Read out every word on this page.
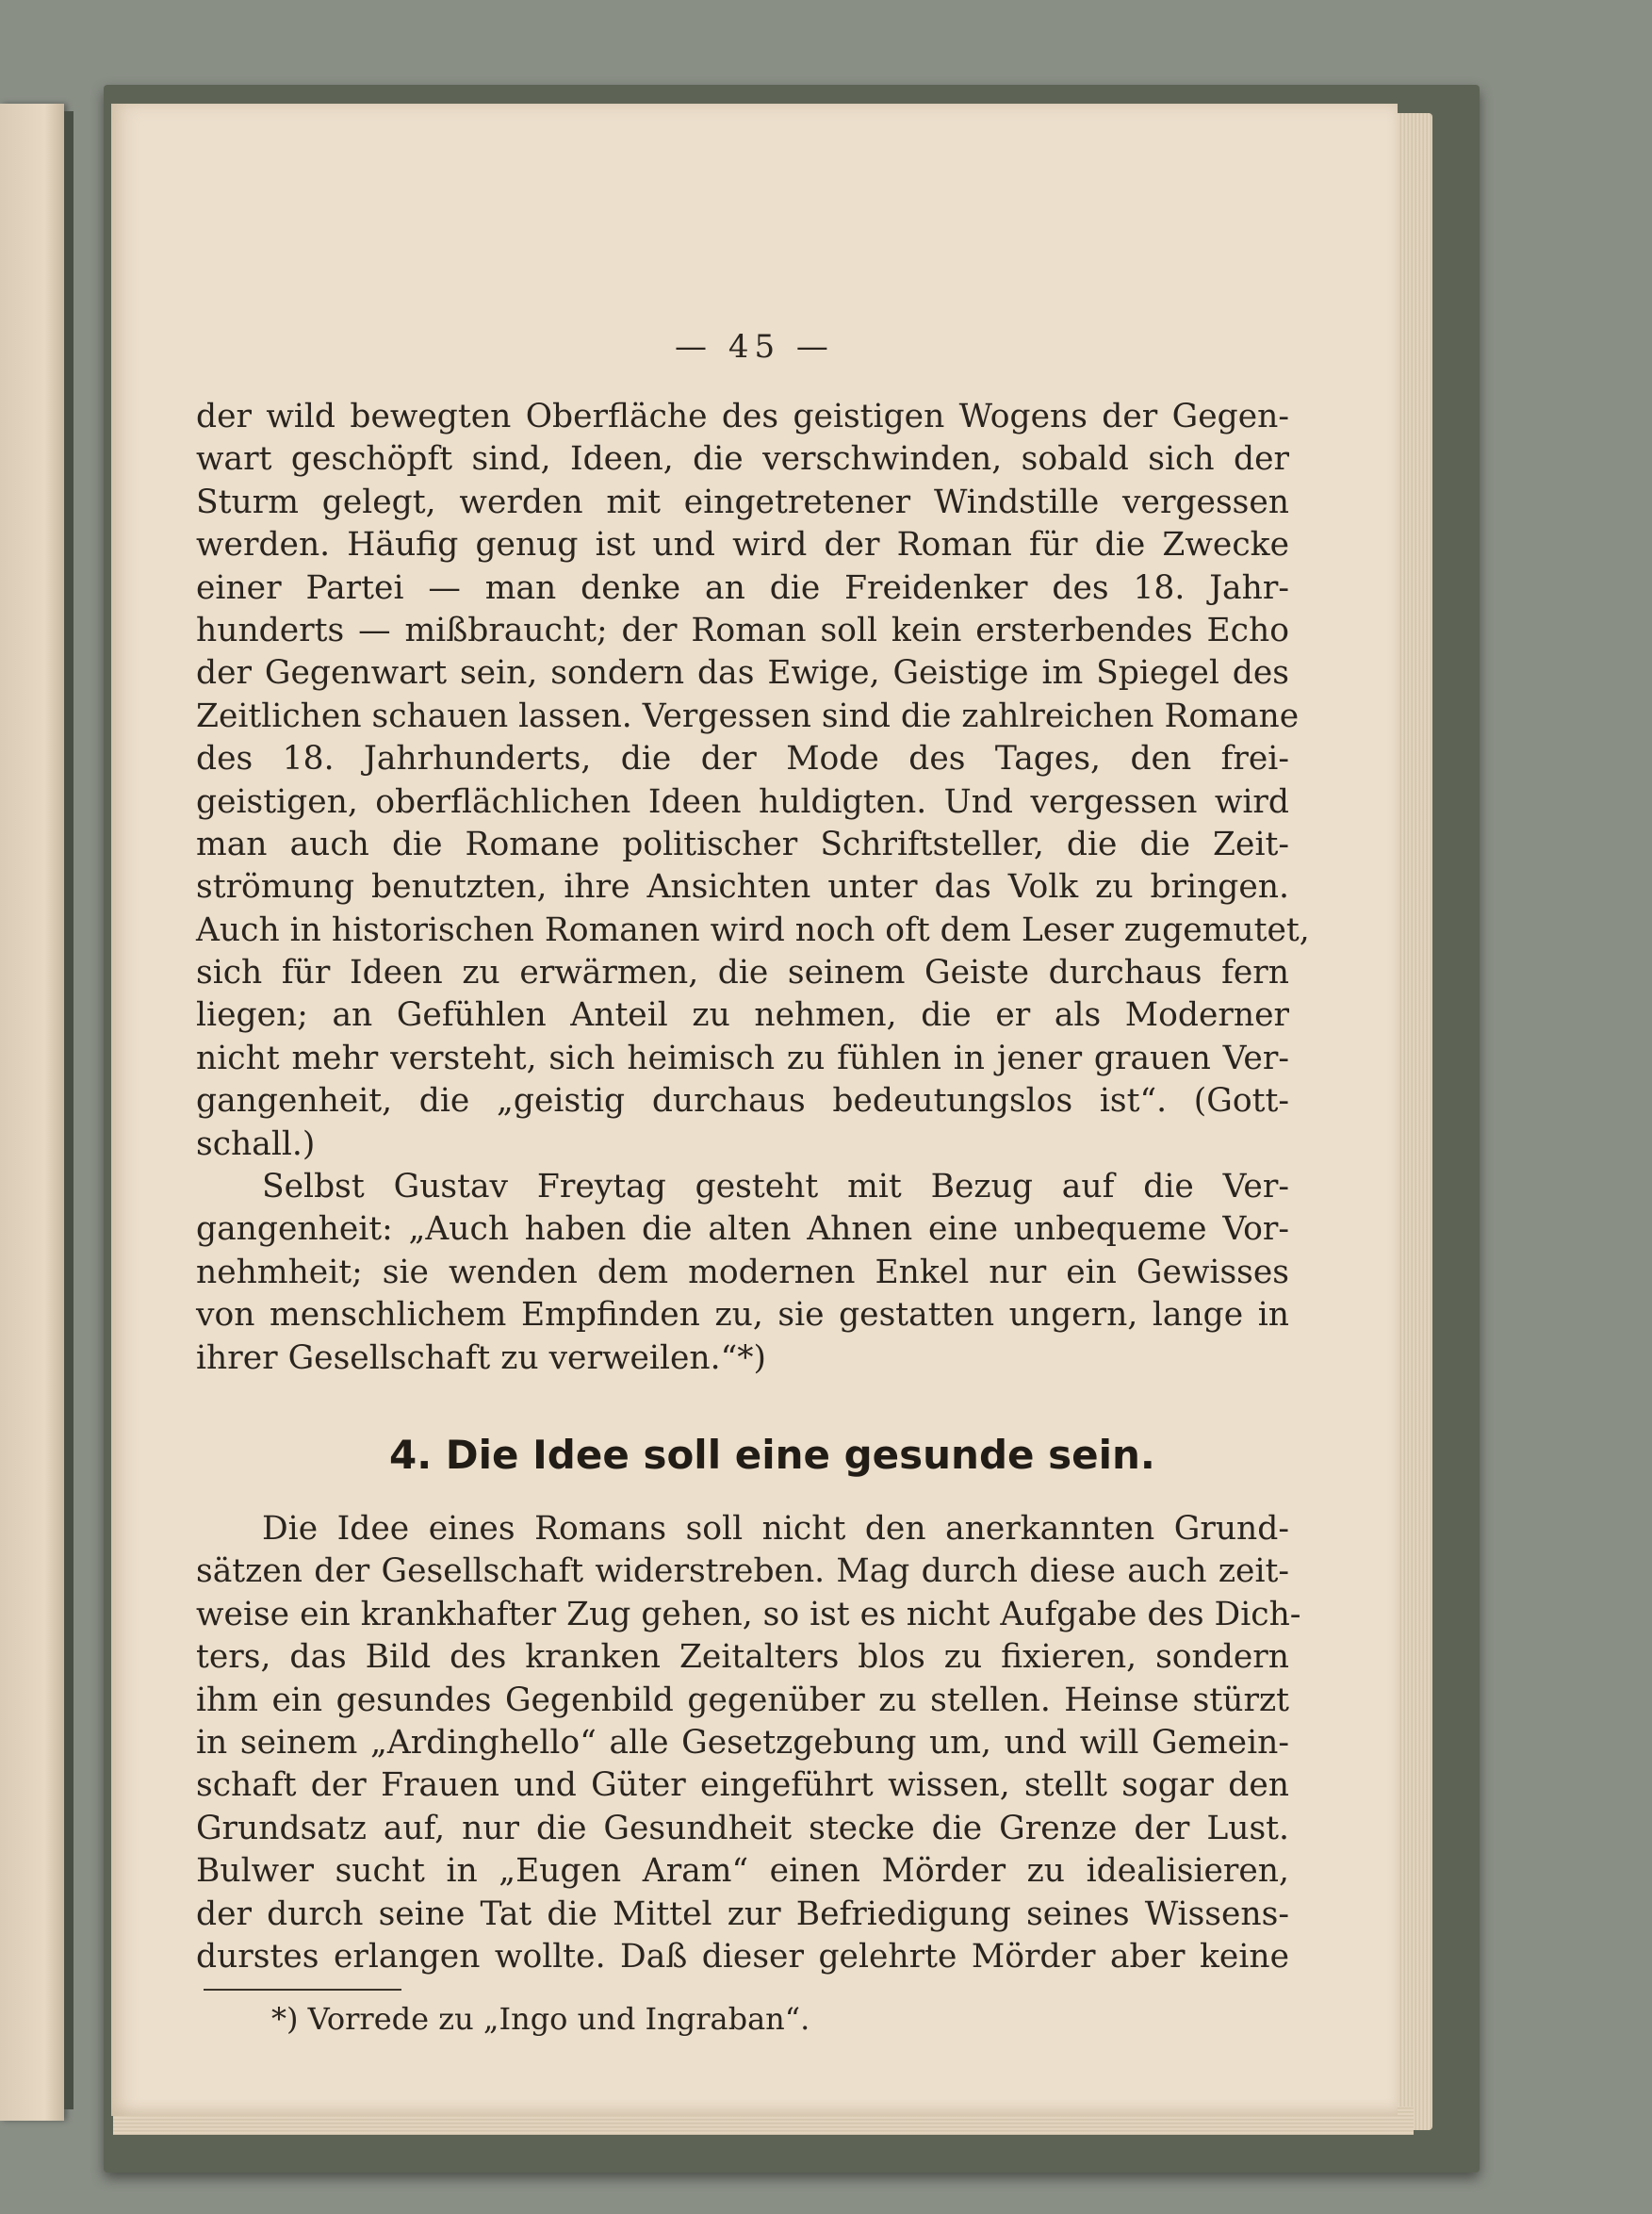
— 45 —
der wild bewegten Oberfläche des geistigen Wogens der Gegen-
wart geschöpft sind, Ideen, die verschwinden, sobald sich der
Sturm gelegt, werden mit eingetretener Windstille vergessen
werden. Häufig genug ist und wird der Roman für die Zwecke
einer Partei — man denke an die Freidenker des 18. Jahr-
hunderts — mißbraucht; der Roman soll kein ersterbendes Echo
der Gegenwart sein, sondern das Ewige, Geistige im Spiegel des
Zeitlichen schauen lassen. Vergessen sind die zahlreichen Romane
des 18. Jahrhunderts, die der Mode des Tages, den frei-
geistigen, oberflächlichen Ideen huldigten. Und vergessen wird
man auch die Romane politischer Schriftsteller, die die Zeit-
strömung benutzten, ihre Ansichten unter das Volk zu bringen.
Auch in historischen Romanen wird noch oft dem Leser zugemutet,
sich für Ideen zu erwärmen, die seinem Geiste durchaus fern
liegen; an Gefühlen Anteil zu nehmen, die er als Moderner
nicht mehr versteht, sich heimisch zu fühlen in jener grauen Ver-
gangenheit, die „geistig durchaus bedeutungslos ist“. (Gott-
schall.)
Selbst Gustav Freytag gesteht mit Bezug auf die Ver-
gangenheit: „Auch haben die alten Ahnen eine unbequeme Vor-
nehmheit; sie wenden dem modernen Enkel nur ein Gewisses
von menschlichem Empfinden zu, sie gestatten ungern, lange in
ihrer Gesellschaft zu verweilen.“*)
4. Die Idee soll eine gesunde sein.
Die Idee eines Romans soll nicht den anerkannten Grund-
sätzen der Gesellschaft widerstreben. Mag durch diese auch zeit-
weise ein krankhafter Zug gehen, so ist es nicht Aufgabe des Dich-
ters, das Bild des kranken Zeitalters blos zu fixieren, sondern
ihm ein gesundes Gegenbild gegenüber zu stellen. Heinse stürzt
in seinem „Ardinghello“ alle Gesetzgebung um, und will Gemein-
schaft der Frauen und Güter eingeführt wissen, stellt sogar den
Grundsatz auf, nur die Gesundheit stecke die Grenze der Lust.
Bulwer sucht in „Eugen Aram“ einen Mörder zu idealisieren,
der durch seine Tat die Mittel zur Befriedigung seines Wissens-
durstes erlangen wollte. Daß dieser gelehrte Mörder aber keine
*) Vorrede zu „Ingo und Ingraban“.
